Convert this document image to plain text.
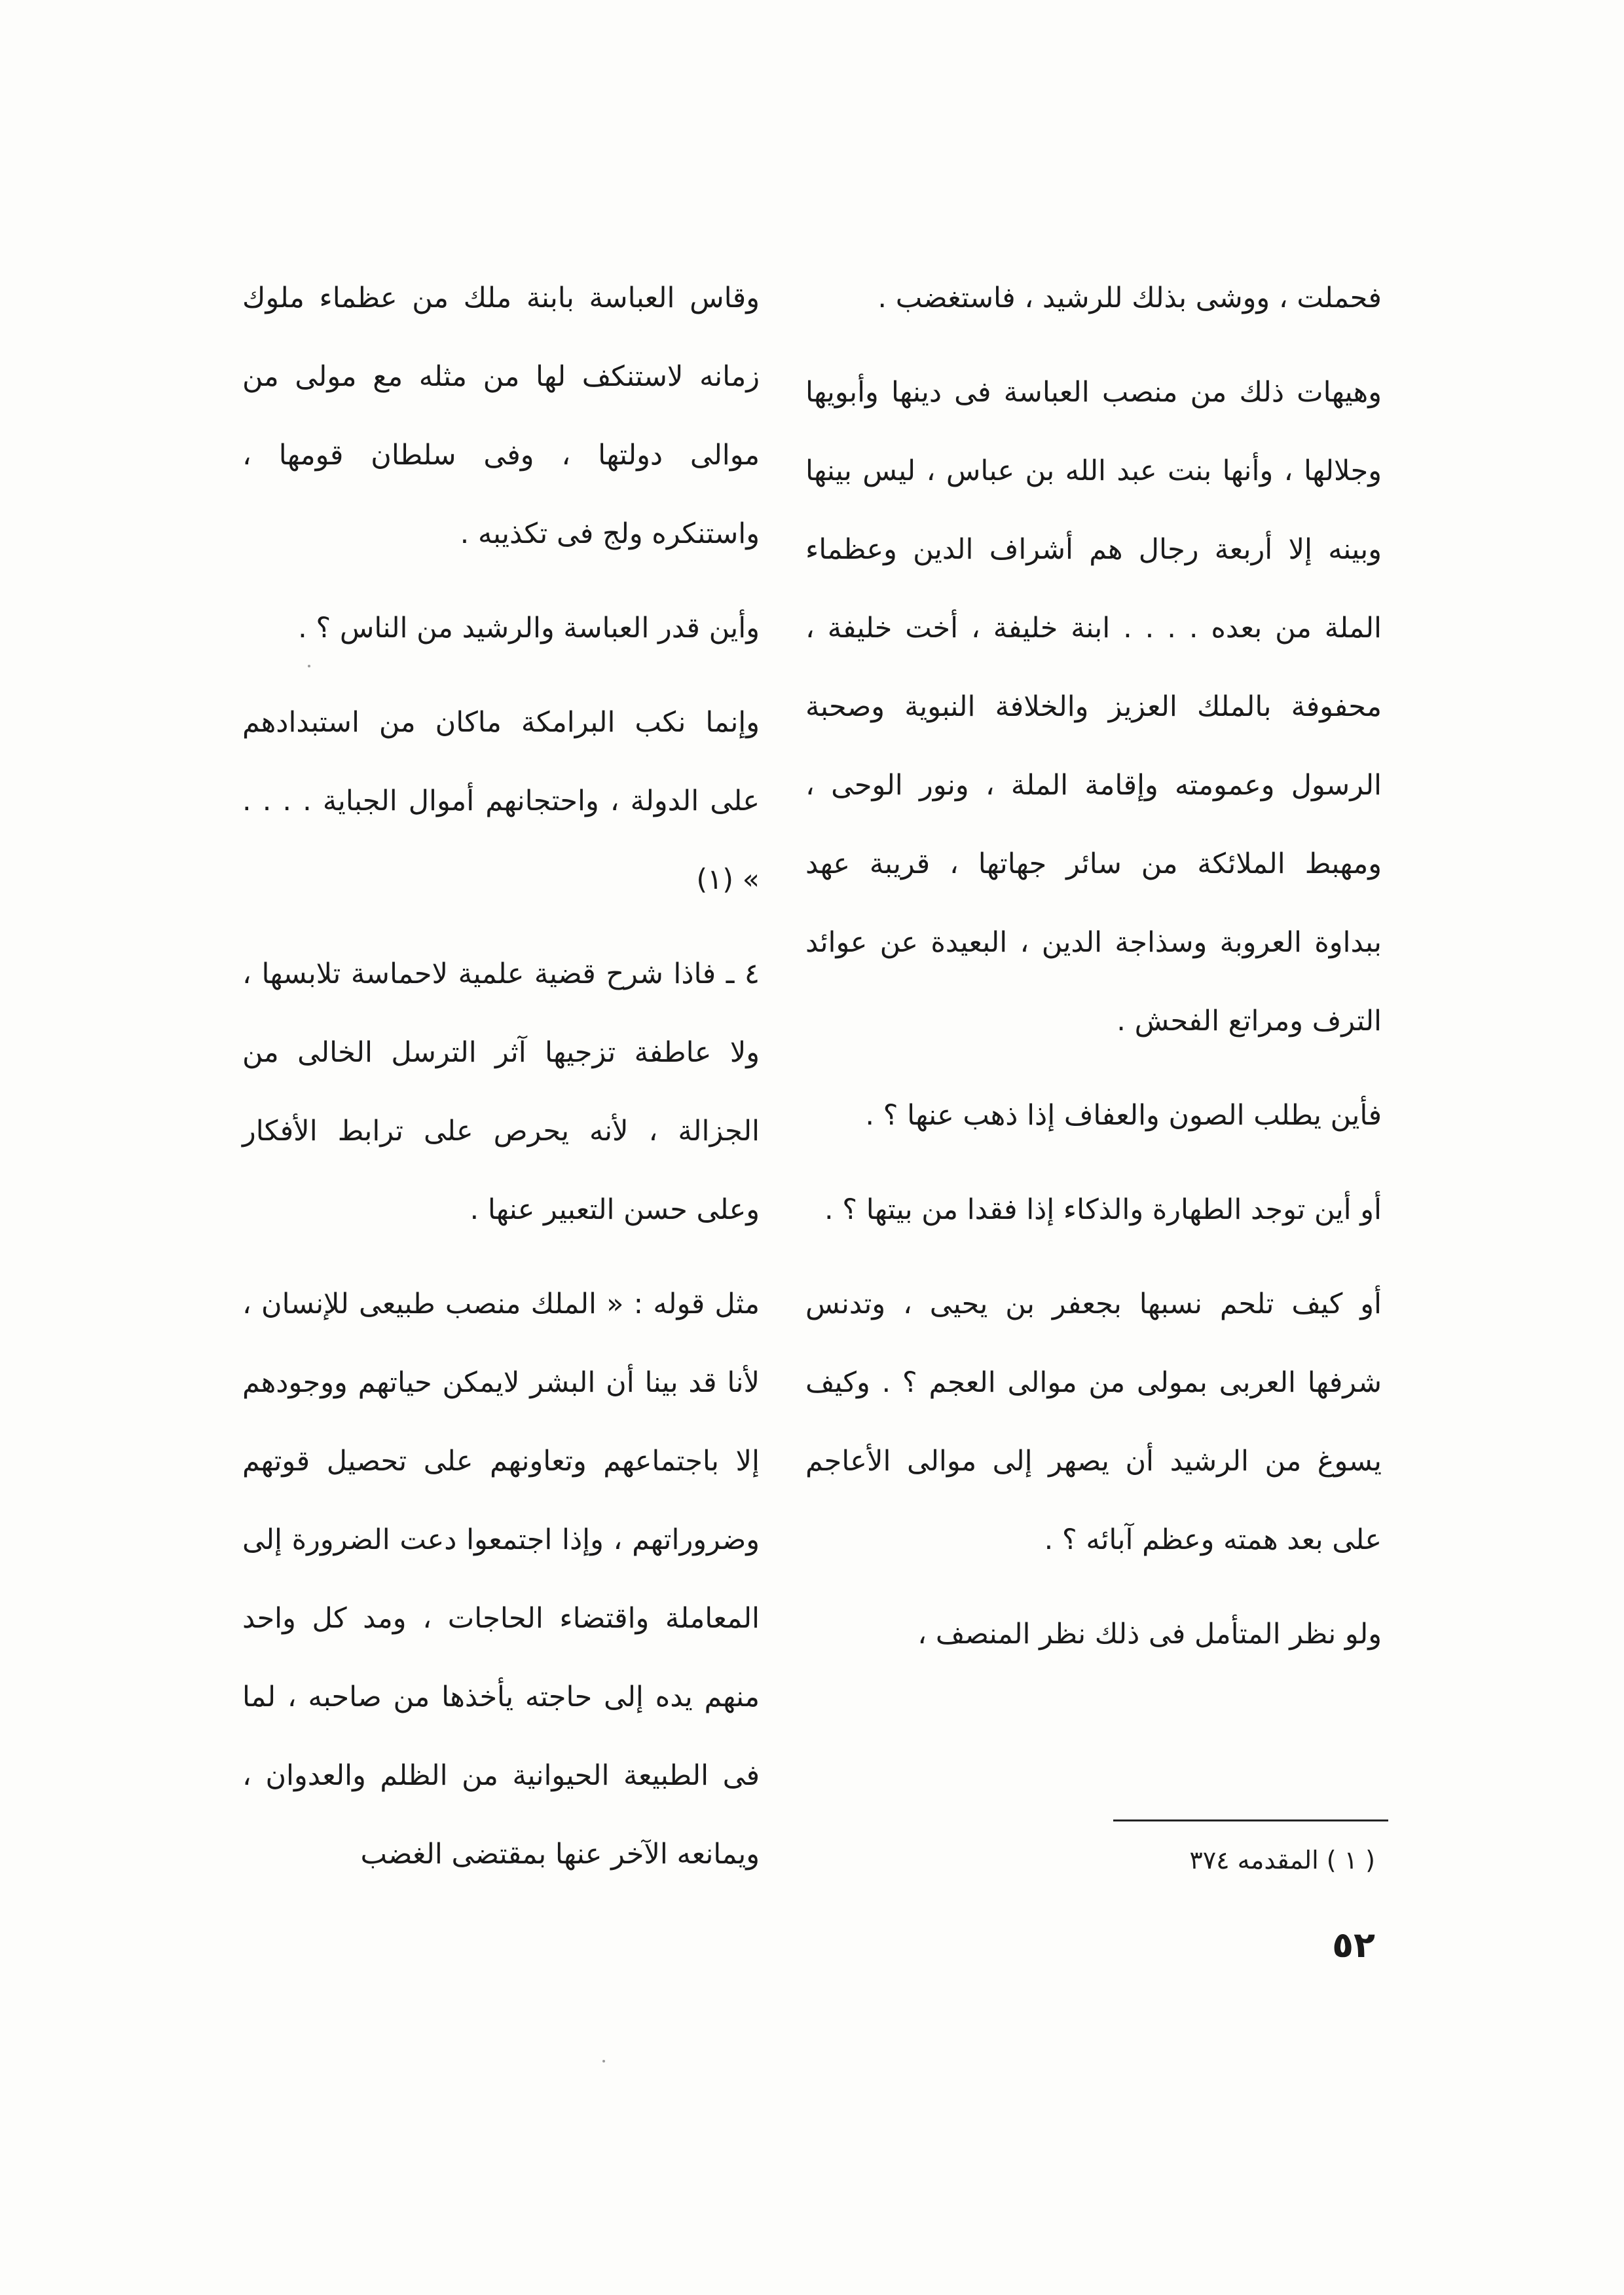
فحملت ، ووشى بذلك للرشيد ، فاستغضب .

وهيهات ذلك من منصب العباسة فى دينها وأبويها وجلالها ، وأنها بنت عبد الله بن عباس ، ليس بينها وبينه إلا أربعة رجال هم أشراف الدين وعظماء الملة من بعده . . . . ابنة خليفة ، أخت خليفة ، محفوفة بالملك العزيز والخلافة النبوية وصحبة الرسول وعمومته وإقامة الملة ، ونور الوحى ، ومهبط الملائكة من سائر جهاتها ، قريبة عهد ببداوة العروبة وسذاجة الدين ، البعيدة عن عوائد الترف ومراتع الفحش .

فأين يطلب الصون والعفاف إذا ذهب عنها ؟ .

أو أين توجد الطهارة والذكاء إذا فقدا من بيتها ؟ .

أو كيف تلحم نسبها بجعفر بن يحيى ، وتدنس شرفها العربى بمولى من موالى العجم ؟ . وكيف يسوغ من الرشيد أن يصهر إلى موالى الأعاجم على بعد همته وعظم آبائه ؟ .

ولو نظر المتأمل فى ذلك نظر المنصف ،

وقاس العباسة بابنة ملك من عظماء ملوك زمانه لاستنكف لها من مثله مع مولى من موالى دولتها ، وفى سلطان قومها ، واستنكره ولج فى تكذيبه .

وأين قدر العباسة والرشيد من الناس ؟ .

وإنما نكب البرامكة ماكان من استبدادهم على الدولة ، واحتجانهم أموال الجباية . . . . » (١)

٤ ـ فاذا شرح قضية علمية لاحماسة تلابسها ، ولا عاطفة تزجيها آثر الترسل الخالى من الجزالة ، لأنه يحرص على ترابط الأفكار وعلى حسن التعبير عنها .

مثل قوله : « الملك منصب طبيعى للإنسان ، لأنا قد بينا أن البشر لايمكن حياتهم ووجودهم إلا باجتماعهم وتعاونهم على تحصيل قوتهم وضروراتهم ، وإذا اجتمعوا دعت الضرورة إلى المعاملة واقتضاء الحاجات ، ومد كل واحد منهم يده إلى حاجته يأخذها من صاحبه ، لما فى الطبيعة الحيوانية من الظلم والعدوان ، ويمانعه الآخر عنها بمقتضى الغضب	( ١ ) المقدمه ٣٧٤
٥٢
